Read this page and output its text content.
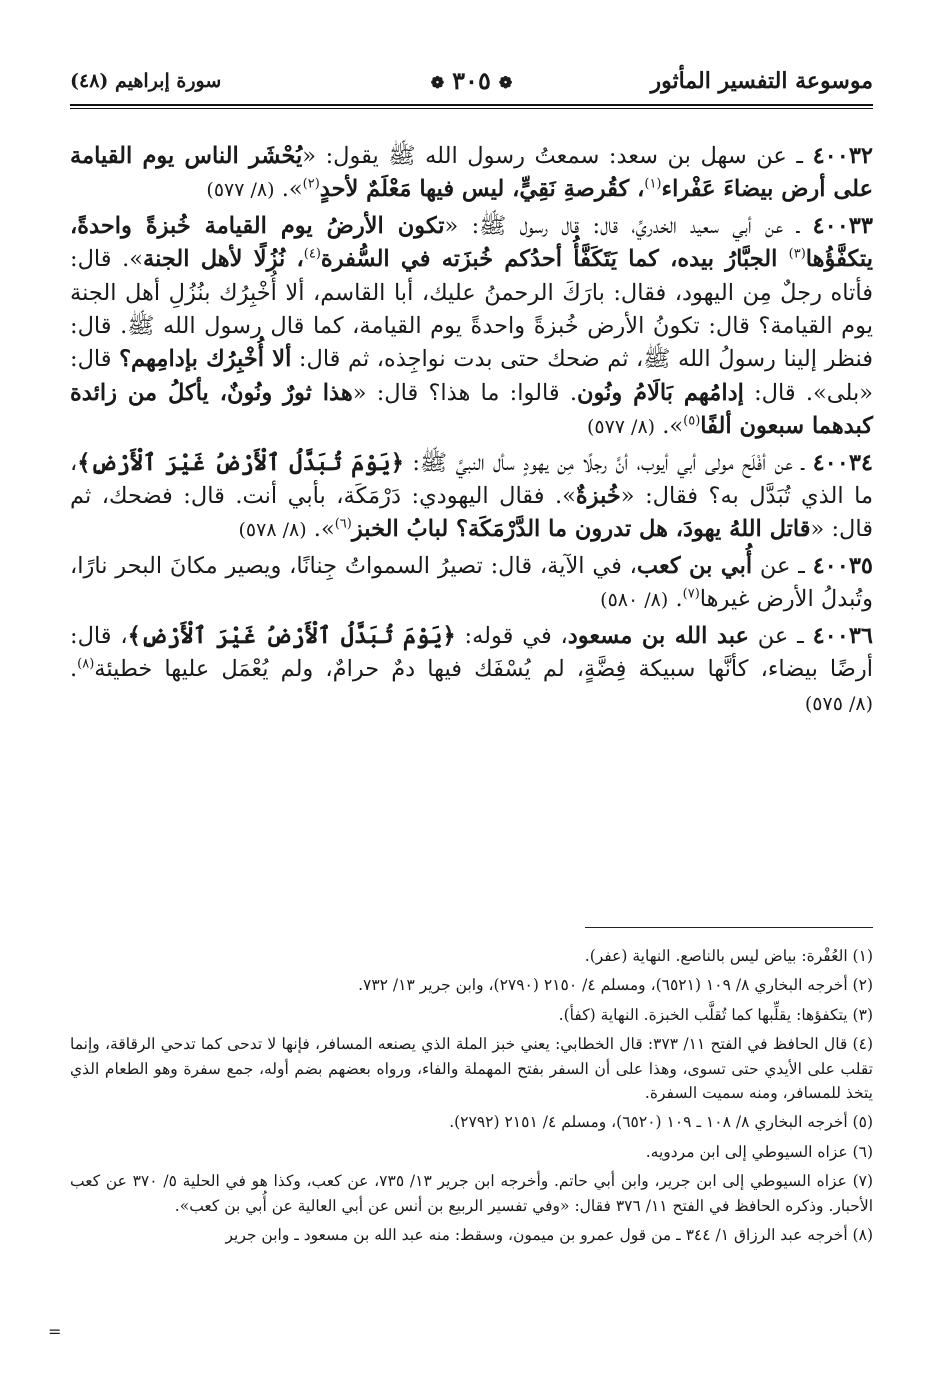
موسوعة التفسير المأثور
❁٣٠٥❁
سورة إبراهيم (٤٨)

٤٠٠٣٢ ـ عن سهل بن سعد: سمعتُ رسول الله ﷺ يقول: «يُحْشَر الناس يوم القيامة على أرض بيضاءَ عَفْراء$^{(١)}$، كقُرصةِ نَقِيٍّ، ليس فيها مَعْلَمٌ لأحدٍ$^{(٢)}$». (٨/ ٥٧٧)

٤٠٠٣٣ ـ عن أبي سعيد الخدريِّ، قال: قال رسول ﷺ: «تكون الأرضُ يوم القيامة خُبزةً واحدةً، يتكفَّؤُها$^{(٣)}$ الجبَّارُ بيده، كما يَتَكَفَّأُ أحدُكم خُبزَته في السُّفرة$^{(٤)}$، نُزُلًا لأهل الجنة». قال: فأتاه رجلٌ مِن اليهود، فقال: بارَكَ الرحمنُ عليك، أبا القاسم، ألا أُخْبِرُك بنُزُلِ أهل الجنة يوم القيامة؟ قال: تكونُ الأرض خُبزةً واحدةً يوم القيامة، كما قال رسول الله ﷺ. قال: فنظر إلينا رسولُ الله ﷺ، ثم ضحك حتى بدت نواجِذه، ثم قال: ألا أُخْبِرُك بإدامِهم؟ قال: «بلى». قال: إدامُهم بَالَامُ ونُون. قالوا: ما هذا؟ قال: «هذا ثورٌ ونُونٌ، يأكلُ من زائدة كبدهما سبعون ألفًا$^{(٥)}$». (٨/ ٥٧٧)

٤٠٠٣٤ ـ عن أفْلَح مولى أبي أيوب، أنَّ رجلًا مِن يهودٍ سأل النبيَّ ﷺ: ﴿يَوْمَ تُبَدَّلُ ٱلْأَرْضُ غَيْرَ ٱلْأَرْضِ﴾، ما الذي تُبَدَّل به؟ فقال: «خُبزةٌ». فقال اليهودي: دَرْمَكَة، بأبي أنت. قال: فضحك، ثم قال: «قاتل اللهُ يهودَ، هل تدرون ما الدَّرْمَكَة؟ لبابُ الخبز$^{(٦)}$». (٨/ ٥٧٨)

٤٠٠٣٥ ـ عن أُبي بن كعب، في الآية، قال: تصيرُ السمواتُ جِنانًا، ويصير مكانَ البحر نارًا، وتُبدلُ الأرض غيرها$^{(٧)}$. (٨/ ٥٨٠)

٤٠٠٣٦ ـ عن عبد الله بن مسعود، في قوله: ﴿يَوْمَ تُبَدَّلُ ٱلْأَرْضُ غَيْرَ ٱلْأَرْضِ﴾، قال: أرضًا بيضاء، كأنَّها سبيكة فِضَّةٍ، لم يُسْفَك فيها دمٌ حرامٌ، ولم يُعْمَل عليها خطيئة$^{(٨)}$. (٨/ ٥٧٥)

(١) العُفْرة: بياض ليس بالناصع. النهاية (عفر).

(٢) أخرجه البخاري ٨/ ١٠٩ (٦٥٢١)، ومسلم ٤/ ٢١٥٠ (٢٧٩٠)، وابن جرير ١٣/ ٧٣٢.

(٣) يتكفؤها: يقلِّبها كما تُقلَّب الخبزة. النهاية (كفأ).

(٤) قال الحافظ في الفتح ١١/ ٣٧٣: قال الخطابي: يعني خبز الملة الذي يصنعه المسافر، فإنها لا تدحى كما تدحي الرقاقة، وإنما تقلب على الأيدي حتى تسوى، وهذا على أن السفر بفتح المهملة والفاء، ورواه بعضهم بضم أوله، جمع سفرة وهو الطعام الذي يتخذ للمسافر، ومنه سميت السفرة.

(٥) أخرجه البخاري ٨/ ١٠٨ ـ ١٠٩ (٦٥٢٠)، ومسلم ٤/ ٢١٥١ (٢٧٩٢).

(٦) عزاه السيوطي إلى ابن مردويه.

(٧) عزاه السيوطي إلى ابن جرير، وابن أبي حاتم. وأخرجه ابن جرير ١٣/ ٧٣٥، عن كعب، وكذا هو في الحلية ٥/ ٣٧٠ عن كعب الأحبار. وذكره الحافظ في الفتح ١١/ ٣٧٦ فقال: «وفي تفسير الربيع بن أنس عن أبي العالية عن أُبي بن كعب».

(٨) أخرجه عبد الرزاق ١/ ٣٤٤ ـ من قول عمرو بن ميمون، وسقط: منه عبد الله بن مسعود ـ وابن جرير

=
